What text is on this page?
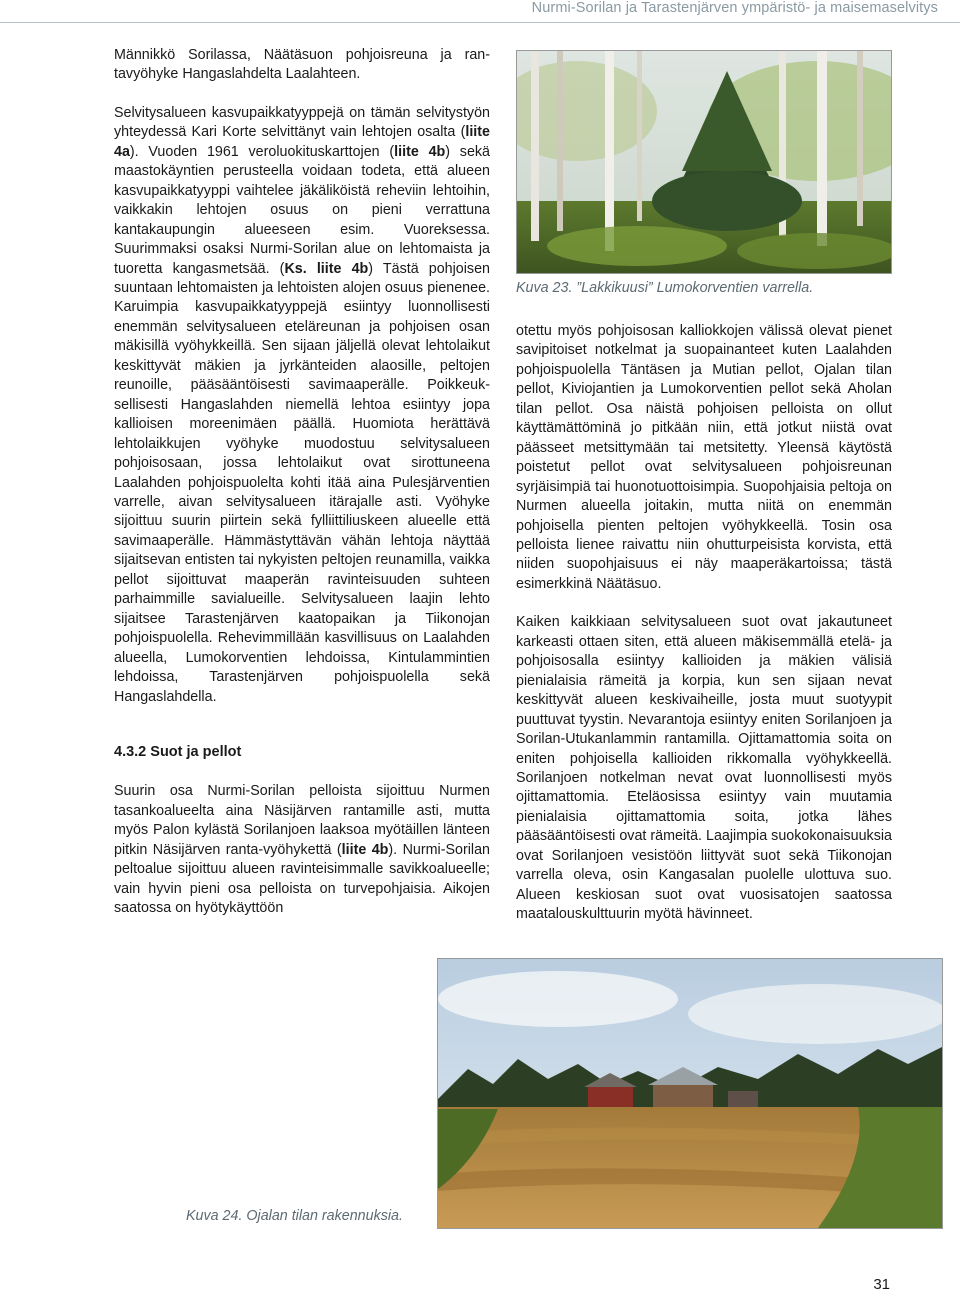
Nurmi-Sorilan ja Tarastenjärven ympäristö- ja maisemaselvitys

Männikkö Sorilassa, Näätäsuon pohjoisreuna ja rantavyöhyke Hangaslahdelta Laalahteen.

Selvitysalueen kasvupaikkatyyppejä on tämän selvitystyön yhteydessä Kari Korte selvittänyt vain lehtojen osalta (liite 4a). Vuoden 1961 veroluokituskarttojen (liite 4b) sekä maastokäyntien perusteella voidaan todeta, että alueen kasvupaikkatyyppi vaihtelee jäkäliköistä reheviin lehtoihin, vaikkakin lehtojen osuus on pieni verrattuna kantakaupungin alueeseen esim. Vuoreksessa. Suurimmaksi osaksi Nurmi-Sorilan alue on lehtomaista ja tuoretta kangasmetsää. (Ks. liite 4b) Tästä pohjoisen suuntaan lehtomaisten ja lehtoisten alojen osuus pienenee. Karuimpia kasvupaikkatyyppejä esiintyy luonnollisesti enemmän selvitysalueen eteläreunan ja pohjoisen osan mäkisillä vyöhykkeillä. Sen sijaan jäljellä olevat lehtolaikut keskittyvät mäkien ja jyrkänteiden alaosille, peltojen reunoille, pääsääntöisesti savimaaperälle. Poikkeuksellisesti Hangaslahden niemellä lehtoa esiintyy jopa kallioisen moreenimäen päällä. Huomiota herättävä lehtolaikkujen vyöhyke muodostuu selvitysalueen pohjoisosaan, jossa lehtolaikut ovat sirottuneena Laalahden pohjoispuolelta kohti itää aina Pulesjärventien varrelle, aivan selvitysalueen itärajalle asti. Vyöhyke sijoittuu suurin piirtein sekä fylliittiliuskeen alueelle että savimaaperälle. Hämmästyttävän vähän lehtoja näyttää sijaitsevan entisten tai nykyisten peltojen reunamilla, vaikka pellot sijoittuvat maaperän ravinteisuuden suhteen parhaimmille savialueille. Selvitysalueen laajin lehto sijaitsee Tarastenjärven kaatopaikan ja Tiikonojan pohjoispuolella. Rehevimmillään kasvillisuus on Laalahden alueella, Lumokorventien lehdoissa, Kintulammintien lehdoissa, Tarastenjärven pohjoispuolella sekä Hangaslahdella.

4.3.2 Suot ja pellot

Suurin osa Nurmi-Sorilan pelloista sijoittuu Nurmen tasankoalueelta aina Näsijärven rantamille asti, mutta myös Palon kylästä Sorilanjoen laaksoa myötäillen länteen pitkin Näsijärven ranta-vyöhykettä (liite 4b). Nurmi-Sorilan peltoalue sijoittuu alueen ravinteisimmalle savikkoalueelle; vain hyvin pieni osa pelloista on turvepohjaisia. Aikojen saatossa on hyötykäyttöön

Kuva 23. ”Lakkikuusi” Lumokorventien varrella.

otettu myös pohjoisosan kalliokkojen välissä olevat pienet savipitoiset notkelmat ja suopainanteet kuten Laalahden pohjoispuolella Täntäsen ja Mutian pellot, Ojalan tilan pellot, Kiviojantien ja Lumokorventien pellot sekä Aholan tilan pellot. Osa näistä pohjoisen pelloista on ollut käyttämättöminä jo pitkään niin, että jotkut niistä ovat päässeet metsittymään tai metsitetty. Yleensä käytöstä poistetut pellot ovat selvitysalueen pohjoisreunan syrjäisimpiä tai huonotuottoisimpia. Suopohjaisia peltoja on Nurmen alueella joitakin, mutta niitä on enemmän pohjoisella pienten peltojen vyöhykkeellä. Tosin osa pelloista lienee raivattu niin ohutturpeisista korvista, että niiden suopohjaisuus ei näy maaperäkartoissa; tästä esimerkkinä Näätäsuo.

Kaiken kaikkiaan selvitysalueen suot ovat jakautuneet karkeasti ottaen siten, että alueen mäkisemmällä etelä- ja pohjoisosalla esiintyy kallioiden ja mäkien välisiä pienialaisia rämeitä ja korpia, kun sen sijaan nevat keskittyvät alueen keskivaiheille, josta muut suotyypit puuttuvat tyystin. Nevarantoja esiintyy eniten Sorilanjoen ja Sorilan-Utukanlammin rantamilla. Ojittamattomia soita on eniten pohjoisella kallioiden rikkomalla vyöhykkeellä. Sorilanjoen notkelman nevat ovat luonnollisesti myös ojittamattomia. Eteläosissa esiintyy vain muutamia pienialaisia ojittamattomia soita, jotka lähes pääsääntöisesti ovat rämeitä. Laajimpia suokokonaisuuksia ovat Sorilanjoen vesistöön liittyvät suot sekä Tiikonojan varrella oleva, osin Kangasalan puolelle ulottuva suo. Alueen keskiosan suot ovat vuosisatojen saatossa maatalouskulttuurin myötä hävinneet.

Kuva 24. Ojalan tilan rakennuksia.
31
